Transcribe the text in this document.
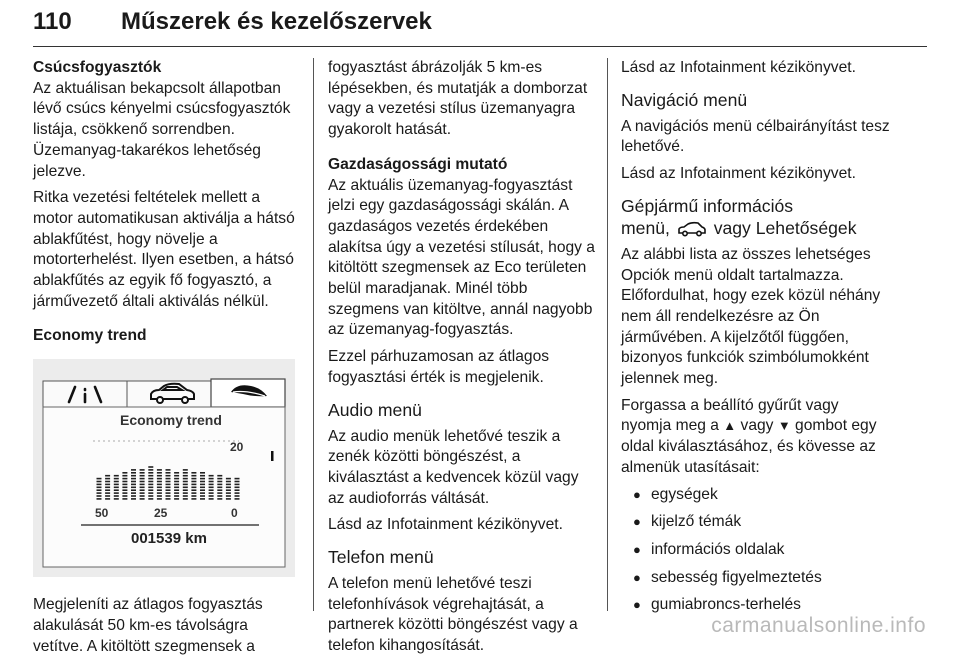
110 Műszerek és kezelőszervek

Csúcsfogyasztók

Az aktuálisan bekapcsolt állapotban lévő csúcs kényelmi csúcsfogyasztók listája, csökkenő sorrendben. Üzemanyag-takarékos lehetőség jelezve.

Ritka vezetési feltételek mellett a motor automatikusan aktiválja a hátsó ablakfűtést, hogy növelje a motorterhelést. Ilyen esetben, a hátsó ablakfűtés az egyik fő fogyasztó, a járművezető általi aktiválás nélkül.

Economy trend

Economy trend
20
50	25	0
001539 km

Megjeleníti az átlagos fogyasztás alakulását 50 km-es távolságra vetítve. A kitöltött szegmensek a

fogyasztást ábrázolják 5 km-es lépésekben, és mutatják a domborzat vagy a vezetési stílus üzemanyagra gyakorolt hatását.

Gazdaságossági mutató

Az aktuális üzemanyag-fogyasztást jelzi egy gazdaságossági skálán. A gazdaságos vezetés érdekében alakítsa úgy a vezetési stílusát, hogy a kitöltött szegmensek az Eco területen belül maradjanak. Minél több szegmens van kitöltve, annál nagyobb az üzemanyag-fogyasztás.

Ezzel párhuzamosan az átlagos fogyasztási érték is megjelenik.

Audio menü

Az audio menük lehetővé teszik a zenék közötti böngészést, a kiválasztást a kedvencek közül vagy az audioforrás váltását.

Lásd az Infotainment kézikönyvet.

Telefon menü

A telefon menü lehetővé teszi telefonhívások végrehajtását, a partnerek közötti böngészést vagy a telefon kihangosítását.

Lásd az Infotainment kézikönyvet.

Navigáció menü

A navigációs menü célbairányítást tesz lehetővé.

Lásd az Infotainment kézikönyvet.

Gépjármű információs
menü, vagy Lehetőségek

Az alábbi lista az összes lehetséges Opciók menü oldalt tartalmazza. Előfordulhat, hogy ezek közül néhány nem áll rendelkezésre az Ön járművében. A kijelzőtől függően, bizonyos funkciók szimbólumokként jelennek meg.

Forgassa a beállító gyűrűt vagy nyomja meg a ▲ vagy ▼ gombot egy oldal kiválasztásához, és kövesse az almenük utasításait:

● egységek
● kijelző témák
● információs oldalak
● sebesség figyelmeztetés
● gumiabroncs-terhelés
carmanualsonline.info
